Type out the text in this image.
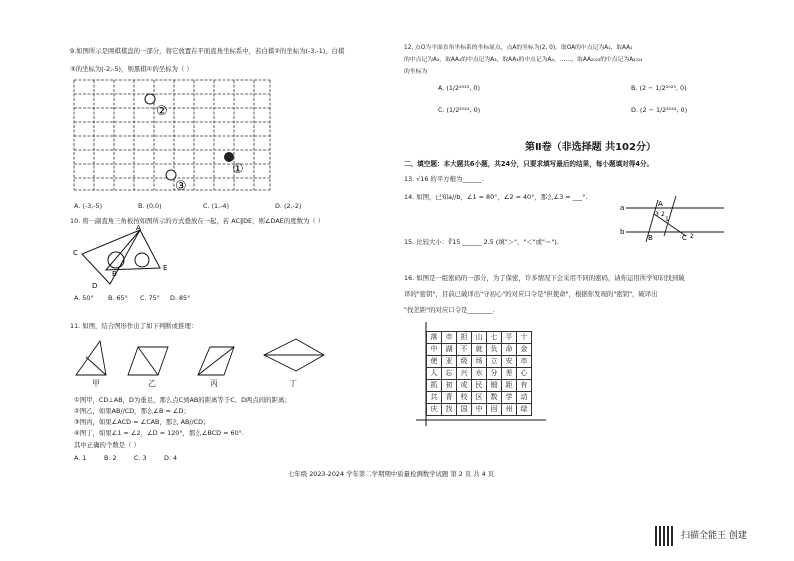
9.如图所示是围棋棋盘的一部分，将它放置在平面直角坐标系中，若白棋②的坐标为(-3,-1)，白棋
③的坐标为(-2,-5)，则黑棋①的坐标为（ ）
②
①
③
A. (-3,-5)	B. (0,0)	C. (1,-4)	D. (2,-2)
10. 将一副直角三角板按如图所示的方式叠放在一起，若 AC∥DE，则∠DAE的度数为（ ）
A
C
B
D
E
A. 50° B. 65° C. 75° D. 85°
11. 如图，结合图形作出了如下判断或推理：
甲	乙	丙	丁
①图甲，CD⊥AB，D为垂足，那么点C到AB的距离等于C、D两点间的距离；
②图乙，如果AB//CD，那么∠B = ∠D；
③图丙，如果∠ACD = ∠CAB，那么 AB//CD；
④图丁，如果∠1 = ∠2，∠D = 120°，那么∠BCD = 60°.
其中正确的个数是（ ）
A. 1	B. 2	C. 3	D. 4
12. 点O为平面直角坐标系的坐标原点，点A的坐标为(2, 0)，取OA的中点记为A₁，取AA₁
的中点记为A₂，取AA₂的中点记为A₃，取AA₃的中点记为A₄，……，取AA₂₀₂₃的中点记为A₂₀₂₄
的坐标为
A. (1/2²⁰²³, 0)	B. (2 − 1/2²⁰²³, 0)
C. (1/2²⁰²⁴, 0)	D. (2 − 1/2²⁰²⁴, 0)
第Ⅱ卷（非选择题 共102分）
二、填空题：本大题共6小题，共24分，只要求填写最后的结果，每小题填对得4分。
13. √16 的平方根为______.
14. 如图，已知a//b，∠1 = 80°，∠2 = 40°，那么∠3 = ___°.
a	A
3 2
1
b
B	C 2
15. 比较大小：∛15 ______ 2.5 (填"＞"、"＜"或"＝").
16. 如图是一组密码的一部分，为了保密，许多情况下会采用不同的密码，请你运用所学知识找到破
译的"密钥"，目前已破译出"守初心"的对应口令是"担使命"，根据你发现的"密钥"，破译出
"找差距"的对应口令是________.
落	市	担	山	七	平	十
中	湖	不	就	负	命	金
使	亚	级	场	立	安	市
人	忘	兴	水	分	差	心
抓	初	或	民	锻	距	有
共	青	校	区	数	学	动
庆	找	国	中	回	州	绿
七年级 2023-2024 学年第二学期期中质量检测数学试题 第 2 页 共 4 页
扫描全能王 创建
